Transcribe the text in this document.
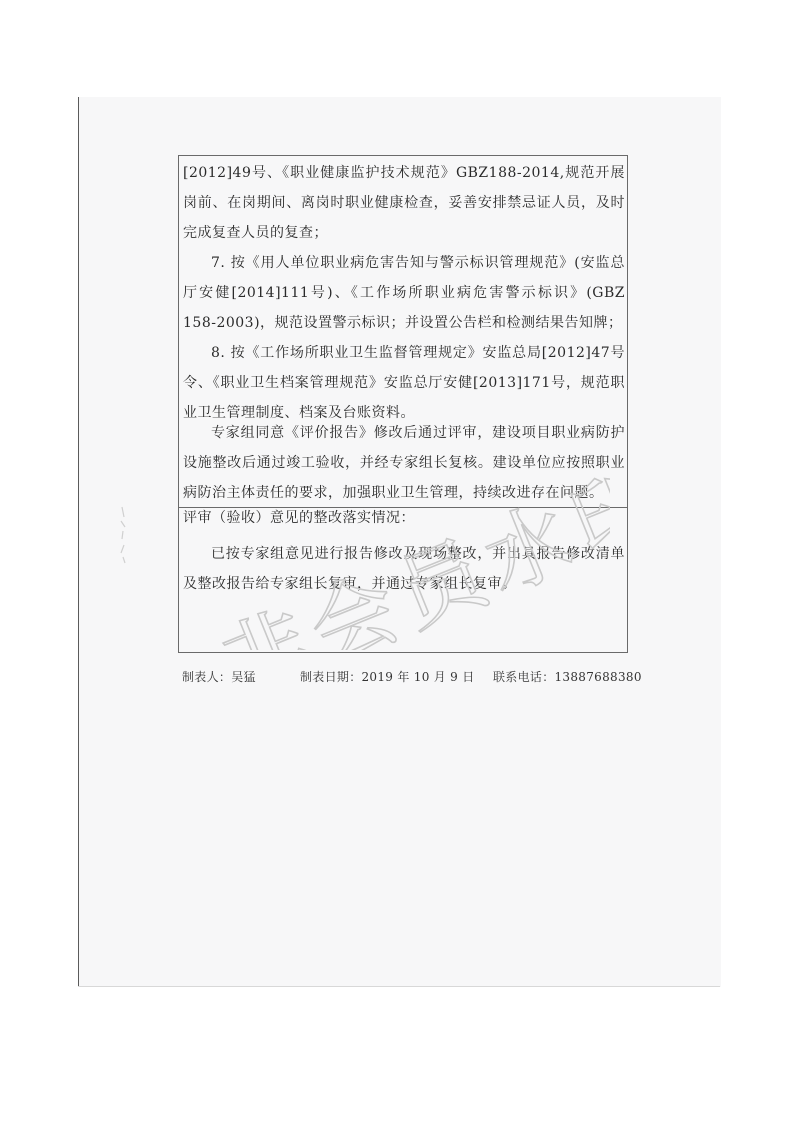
[2012]49号、《职业健康监护技术规范》GBZ188-2014,规范开展岗前、在岗期间、离岗时职业健康检查，妥善安排禁忌证人员，及时完成复查人员的复查；

7. 按《用人单位职业病危害告知与警示标识管理规范》(安监总厅安健[2014]111号)、《工作场所职业病危害警示标识》(GBZ 158-2003)，规范设置警示标识；并设置公告栏和检测结果告知牌；

8. 按《工作场所职业卫生监督管理规定》安监总局[2012]47号令、《职业卫生档案管理规范》安监总厅安健[2013]171号，规范职业卫生管理制度、档案及台账资料。

专家组同意《评价报告》修改后通过评审，建设项目职业病防护设施整改后通过竣工验收，并经专家组长复核。建设单位应按照职业病防治主体责任的要求，加强职业卫生管理，持续改进存在问题。

评审（验收）意见的整改落实情况：

已按专家组意见进行报告修改及现场整改，并出具报告修改清单及整改报告给专家组长复审，并通过专家组长复审。

制表人：吴猛	制表日期：2019 年 10 月 9 日 联系电话：13887688380
非会员水印
